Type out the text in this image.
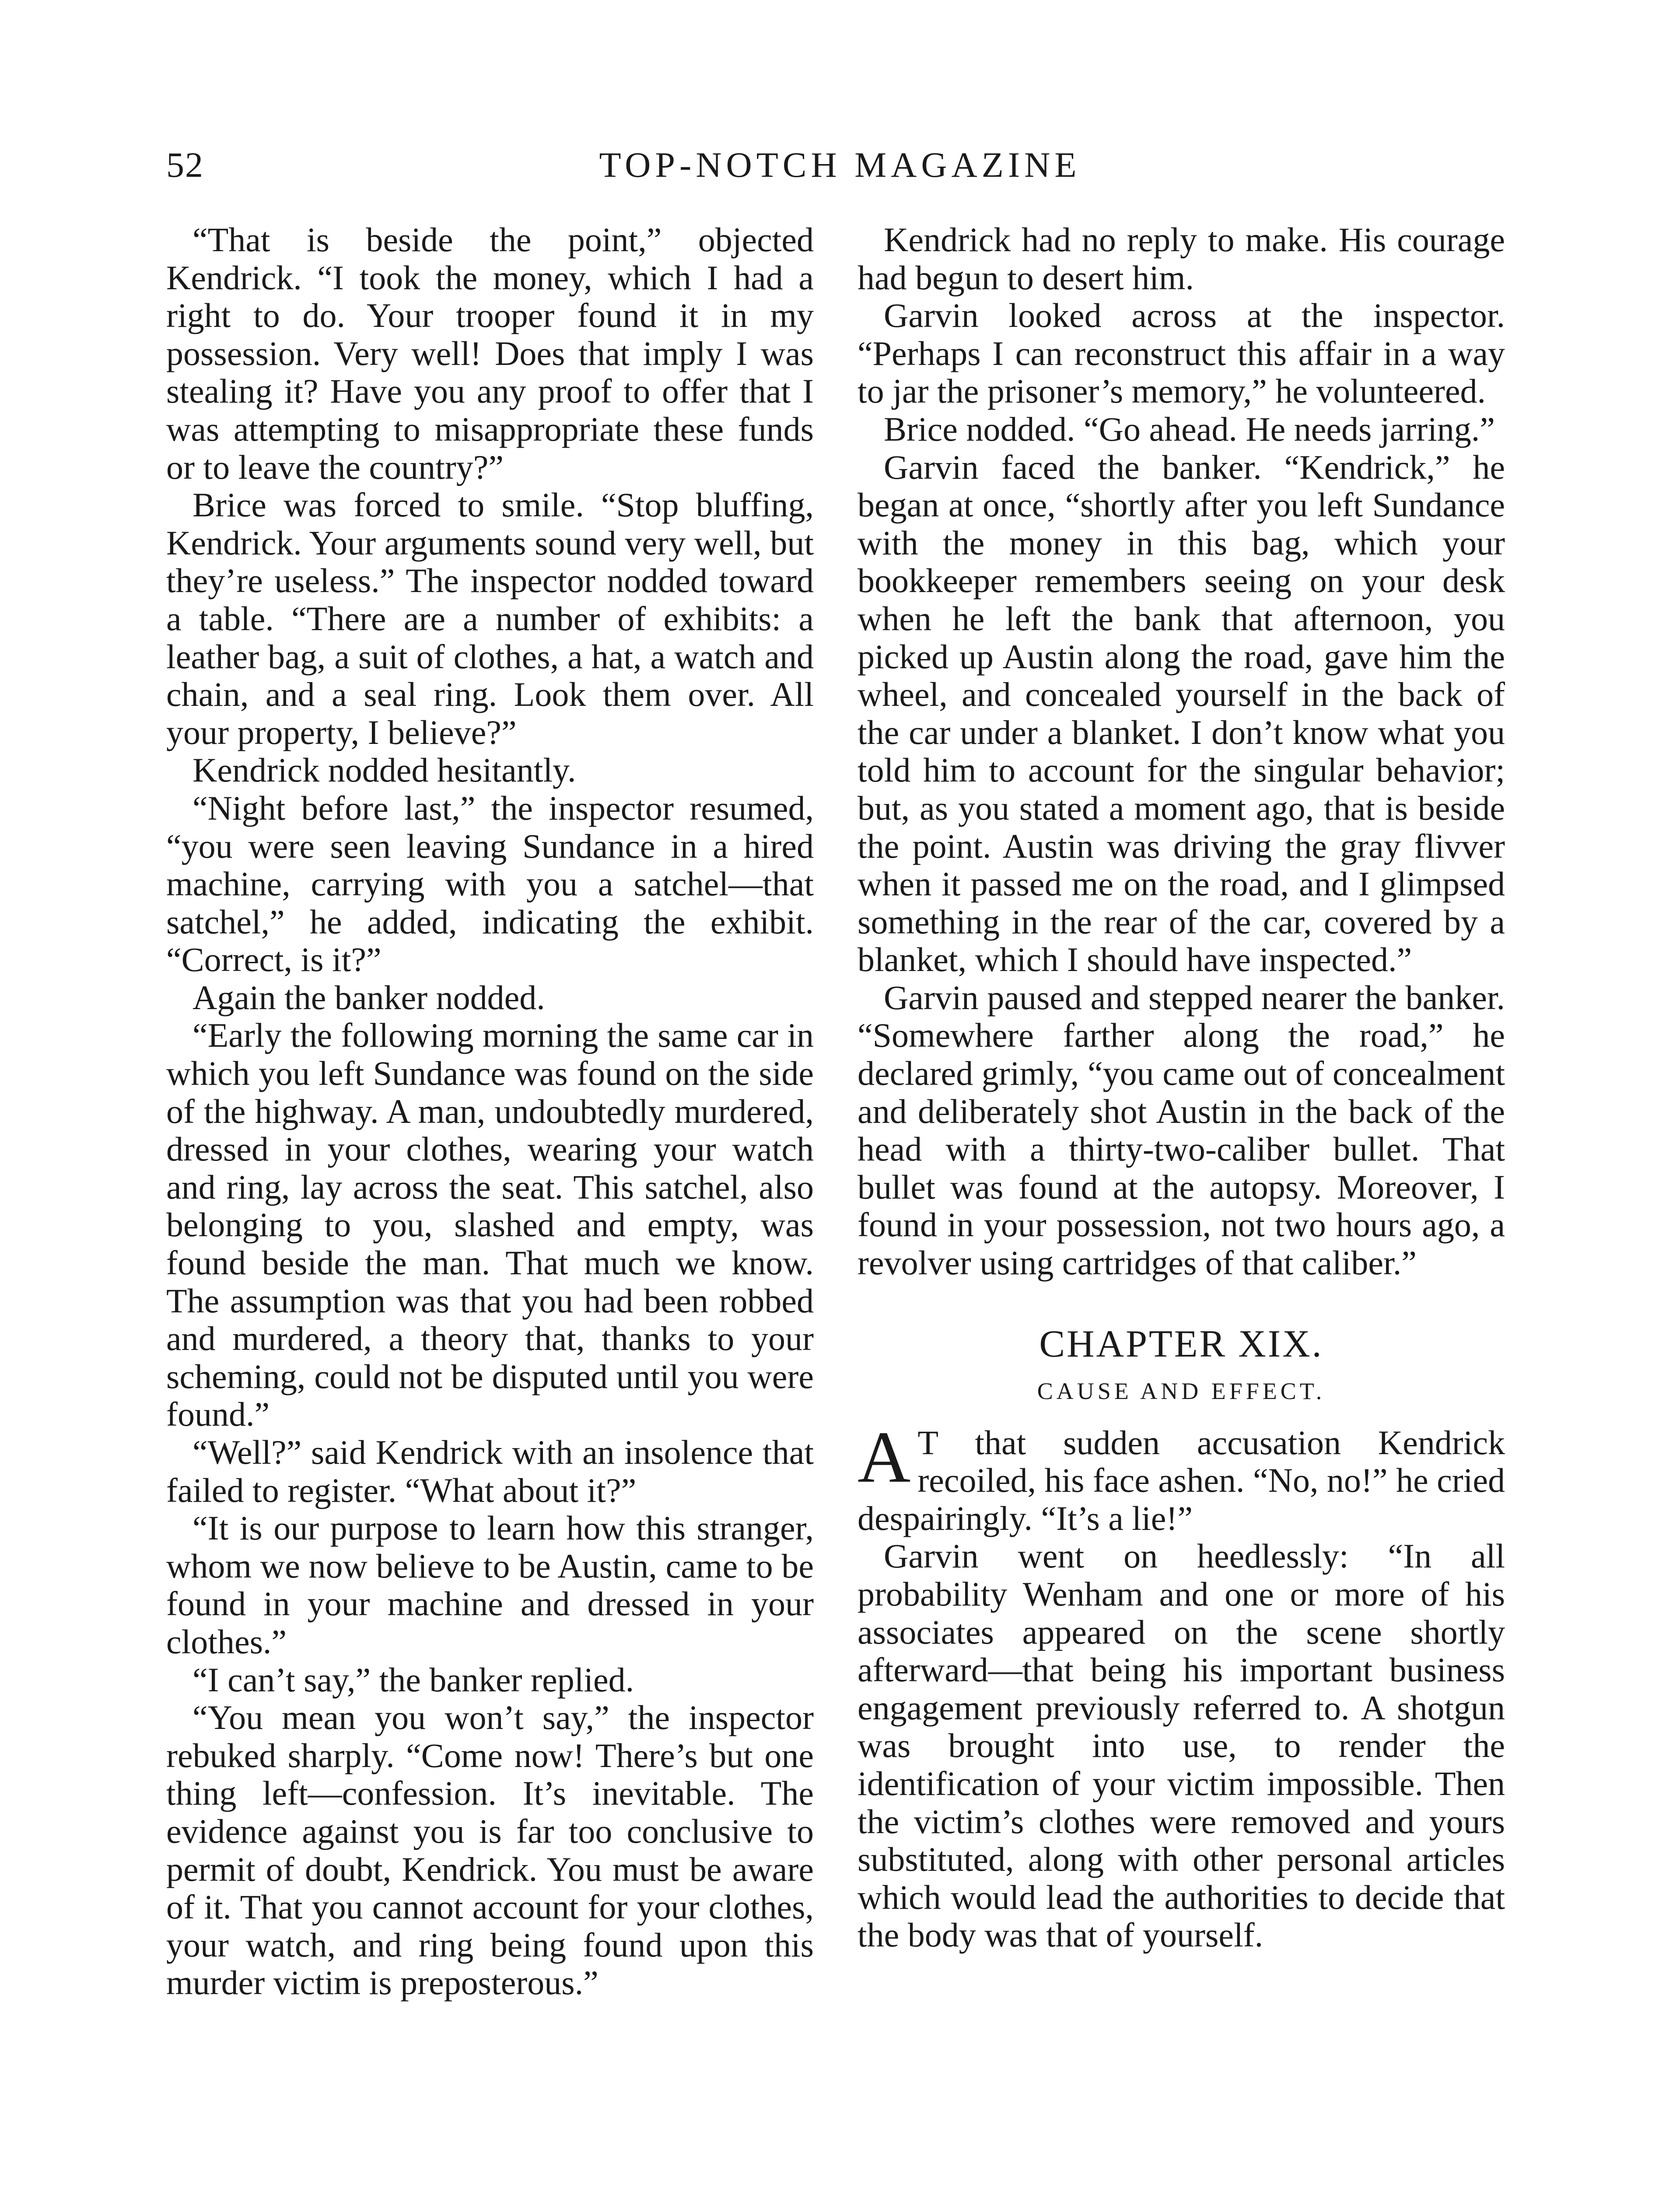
52	TOP-NOTCH MAGAZINE

“That is beside the point,” objected Kendrick. “I took the money, which I had a right to do. Your trooper found it in my possession. Very well! Does that imply I was stealing it? Have you any proof to offer that I was attempting to misappropriate these funds or to leave the country?”

Brice was forced to smile. “Stop bluffing, Kendrick. Your arguments sound very well, but they’re useless.” The inspector nodded toward a table. “There are a number of exhibits: a leather bag, a suit of clothes, a hat, a watch and chain, and a seal ring. Look them over. All your property, I believe?”

Kendrick nodded hesitantly.

“Night before last,” the inspector resumed, “you were seen leaving Sundance in a hired machine, carrying with you a satchel—that satchel,” he added, indicating the exhibit. “Correct, is it?”

Again the banker nodded.

“Early the following morning the same car in which you left Sundance was found on the side of the highway. A man, undoubtedly murdered, dressed in your clothes, wearing your watch and ring, lay across the seat. This satchel, also belonging to you, slashed and empty, was found beside the man. That much we know. The assumption was that you had been robbed and murdered, a theory that, thanks to your scheming, could not be disputed until you were found.”

“Well?” said Kendrick with an insolence that failed to register. “What about it?”

“It is our purpose to learn how this stranger, whom we now believe to be Austin, came to be found in your machine and dressed in your clothes.”

“I can’t say,” the banker replied.

“You mean you won’t say,” the inspector rebuked sharply. “Come now! There’s but one thing left—confession. It’s inevitable. The evidence against you is far too conclusive to permit of doubt, Kendrick. You must be aware of it. That you cannot account for your clothes, your watch, and ring being found upon this murder victim is preposterous.”

Kendrick had no reply to make. His courage had begun to desert him.

Garvin looked across at the inspector. “Perhaps I can reconstruct this affair in a way to jar the prisoner’s memory,” he volunteered.

Brice nodded. “Go ahead. He needs jarring.”

Garvin faced the banker. “Kendrick,” he began at once, “shortly after you left Sundance with the money in this bag, which your bookkeeper remembers seeing on your desk when he left the bank that afternoon, you picked up Austin along the road, gave him the wheel, and concealed yourself in the back of the car under a blanket. I don’t know what you told him to account for the singular behavior; but, as you stated a moment ago, that is beside the point. Austin was driving the gray flivver when it passed me on the road, and I glimpsed something in the rear of the car, covered by a blanket, which I should have inspected.”

Garvin paused and stepped nearer the banker. “Somewhere farther along the road,” he declared grimly, “you came out of concealment and deliberately shot Austin in the back of the head with a thirty-two-caliber bullet. That bullet was found at the autopsy. Moreover, I found in your possession, not two hours ago, a revolver using cartridges of that caliber.”

CHAPTER XIX.
CAUSE AND EFFECT.

A T that sudden accusation Kendrick recoiled, his face ashen. “No, no!” he cried despairingly. “It’s a lie!”

Garvin went on heedlessly: “In all probability Wenham and one or more of his associates appeared on the scene shortly afterward—that being his important business engagement previously referred to. A shotgun was brought into use, to render the identification of your victim impossible. Then the victim’s clothes were removed and yours substituted, along with other personal articles which would lead the authorities to decide that the body was that of yourself.
